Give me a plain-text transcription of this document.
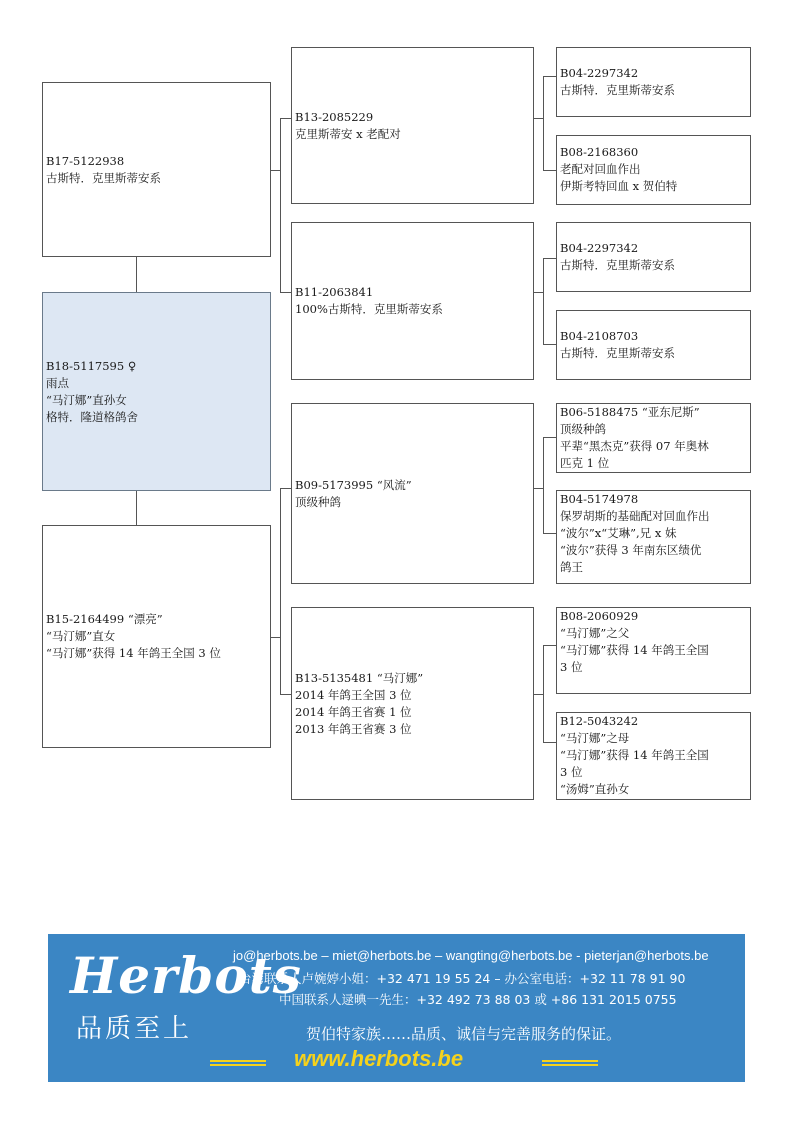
B17-5122938
古斯特．克里斯蒂安系
B18-5117595 ♀
雨点
“马汀娜”直孙女
格特．隆道格鸽舍
B15-2164499 “漂亮”
“马汀娜”直女
“马汀娜”获得 14 年鸽王全国 3 位
B13-2085229
克里斯蒂安 x 老配对
B11-2063841
100%古斯特．克里斯蒂安系
B09-5173995 “风流”
顶级种鸽
B13-5135481 “马汀娜”
2014 年鸽王全国 3 位
2014 年鸽王省赛 1 位
2013 年鸽王省赛 3 位
B04-2297342
古斯特．克里斯蒂安系
B08-2168360
老配对回血作出
伊斯考特回血 x 贺伯特
B04-2297342
古斯特．克里斯蒂安系
B04-2108703
古斯特．克里斯蒂安系
B06-5188475 “亚东尼斯”
顶级种鸽
平辈“黑杰克”获得 07 年奥林
匹克 1 位
B04-5174978
保罗胡斯的基础配对回血作出
“波尔”x“艾琳”,兄 x 妹
“波尔”获得 3 年南东区绩优
鸽王
B08-2060929
“马汀娜”之父
“马汀娜”获得 14 年鸽王全国
3 位
B12-5043242
“马汀娜”之母
“马汀娜”获得 14 年鸽王全国
3 位
“汤姆”直孙女
Herbots
品质至上
jo@herbots.be – miet@herbots.be – wangting@herbots.be - pieterjan@herbots.be
台湾联系人卢婉婷小姐：+32 471 19 55 24 – 办公室电话：+32 11 78 91 90
中国联系人逯晪一先生：+32 492 73 88 03 或 +86 131 2015 0755
贺伯特家族……品质、诚信与完善服务的保证。
www.herbots.be
